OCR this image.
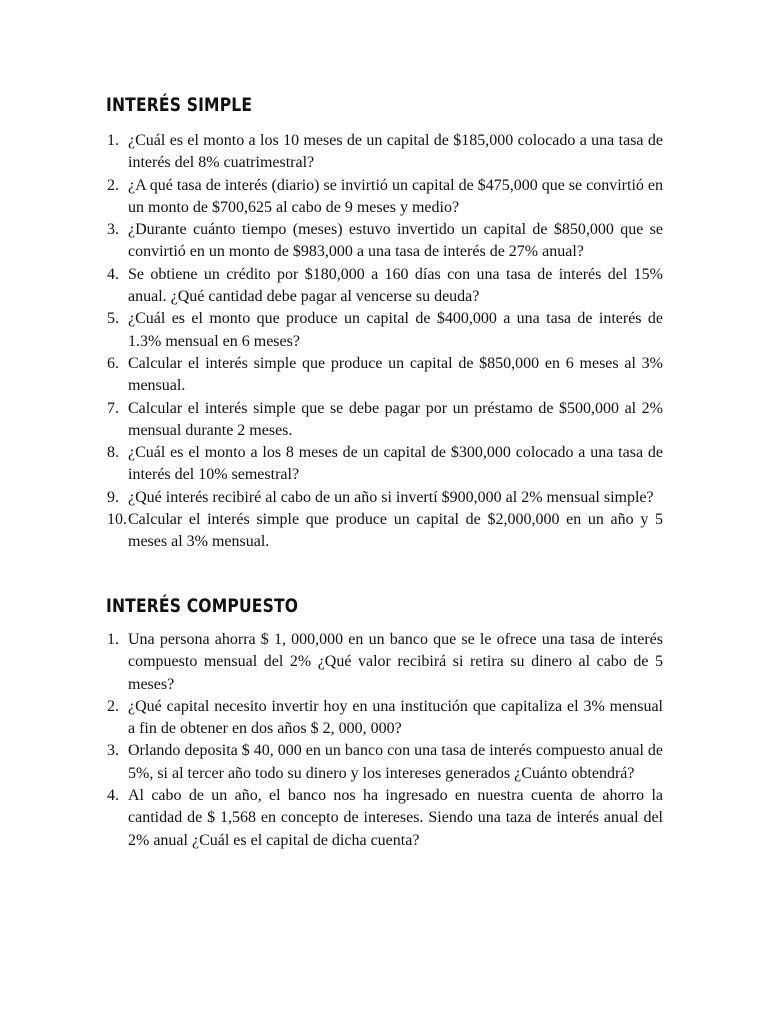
INTERÉS SIMPLE
1. ¿Cuál es el monto a los 10 meses de un capital de $185,000 colocado a una tasa de interés del 8% cuatrimestral?
2. ¿A qué tasa de interés (diario) se invirtió un capital de $475,000 que se convirtió en un monto de $700,625 al cabo de 9 meses y medio?
3. ¿Durante cuánto tiempo (meses) estuvo invertido un capital de $850,000 que se convirtió en un monto de $983,000 a una tasa de interés de 27% anual?
4. Se obtiene un crédito por $180,000 a 160 días con una tasa de interés del 15% anual. ¿Qué cantidad debe pagar al vencerse su deuda?
5. ¿Cuál es el monto que produce un capital de $400,000 a una tasa de interés de 1.3% mensual en 6 meses?
6. Calcular el interés simple que produce un capital de $850,000 en 6 meses al 3% mensual.
7. Calcular el interés simple que se debe pagar por un préstamo de $500,000 al 2% mensual durante 2 meses.
8. ¿Cuál es el monto a los 8 meses de un capital de $300,000 colocado a una tasa de interés del 10% semestral?
9. ¿Qué interés recibiré al cabo de un año si invertí $900,000 al 2% mensual simple?
10. Calcular el interés simple que produce un capital de $2,000,000 en un año y 5 meses al 3% mensual.
INTERÉS COMPUESTO
1. Una persona ahorra $ 1, 000,000 en un banco que se le ofrece una tasa de interés compuesto mensual del 2% ¿Qué valor recibirá si retira su dinero al cabo de 5 meses?
2. ¿Qué capital necesito invertir hoy en una institución que capitaliza el 3% mensual a fin de obtener en dos años $ 2, 000, 000?
3. Orlando deposita $ 40, 000 en un banco con una tasa de interés compuesto anual de 5%, si al tercer año todo su dinero y los intereses generados ¿Cuánto obtendrá?
4. Al cabo de un año, el banco nos ha ingresado en nuestra cuenta de ahorro la cantidad de $ 1,568 en concepto de intereses. Siendo una taza de interés anual del 2% anual ¿Cuál es el capital de dicha cuenta?
